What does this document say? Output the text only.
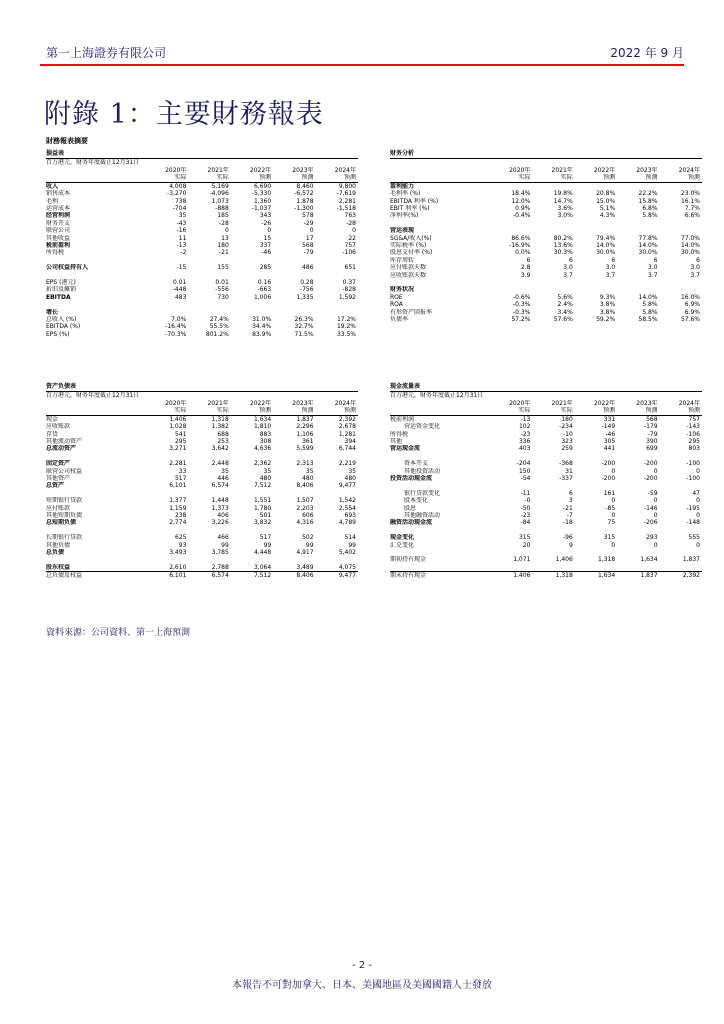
第一上海證券有限公司	2022 年 9 月
附錄 1：主要財務報表
財務報表摘要
損益表
百万港元，财务年度截止12月31日
	2020年	2021年	2022年	2023年	2024年
	实际	实际	预测	预测	预测
收入	4,008	5,169	6,690	8,460	9,800
销售成本	-3,270	-4,096	-5,330	-6,572	-7,619
毛利	738	1,073	1,360	1,878	2,281
运营成本	-704	-888	-1,037	-1,300	-1,518
经营利润	35	185	343	578	763
财务开支	-43	-28	-26	-29	-28
联营公司	-16	0	0	0	0
其他收益	11	13	15	17	22
税前盈利	-13	180	337	568	757
所得税	-2	-21	-46	-79	-106

公司权益持有人	-15	155	285	486	651

EPS (港元)	0.01	0.01	0.16	0.28	0.37
折旧及摊销	-448	-556	-663	-756	-828
EBITDA	483	730	1,006	1,335	1,592

增长					
总收入 (%)	7.0%	27.4%	31.0%	26.3%	17.2%
EBITDA (%)	-16.4%	55.5%	34.4%	32.7%	19.2%
EPS (%)	-70.3%	801.2%	83.9%	71.5%	33.5%
财务分析
	2020年	2021年	2022年	2023年	2024年
	实际	实际	预测	预测	预测
盈利能力					
毛利率 (%)	18.4%	19.8%	20.8%	22.2%	23.0%
EBITDA 利率 (%)	12.0%	14.7%	15.0%	15.8%	16.1%
EBIT 利率 (%)	0.9%	3.6%	5.1%	6.8%	7.7%
净利率(%)	-0.4%	3.0%	4.3%	5.8%	6.6%

营运表现					
SG&A/收入(%)	86.6%	80.2%	79.4%	77.8%	77.0%
实际税率 (%)	-16.9%	13.6%	14.0%	14.0%	14.0%
股息支付率 (%)	0.0%	30.3%	30.0%	30.0%	30.0%
库存周转	6	6	6	6	6
应付账款天数	2.8	3.0	3.0	3.0	3.0
应收账款天数	3.9	3.7	3.7	3.7	3.7

财务状况					
ROE	-0.6%	5.6%	9.3%	14.0%	16.0%
ROA	-0.3%	2.4%	3.8%	5.8%	6.9%
有形资产回报率	-0.3%	3.4%	3.8%	5.8%	6.9%
负债率	57.2%	57.6%	59.2%	58.5%	57.6%
资产负债表
百万港元，财务年度截止12月31日
	2020年	2021年	2022年	2023年	2024年
	实际	实际	预测	预测	预测
现金	1,406	1,318	1,634	1,837	2,392
应收账款	1,028	1,382	1,810	2,296	2,678
存货	541	688	883	1,106	1,281
其他流动资产	295	253	308	361	394
总流动资产	3,271	3,642	4,636	5,599	6,744

固定资产	2,281	2,448	2,362	2,313	2,219
联营公司权益	33	35	35	35	35
其他资产	517	446	480	480	480
总资产	6,101	6,574	7,512	8,406	9,477

短期银行贷款	1,377	1,448	1,551	1,507	1,542
应付账款	1,159	1,373	1,780	2,203	2,554
其他短期负债	238	406	501	606	693
总短期负债	2,774	3,226	3,832	4,316	4,789

长期银行贷款	625	466	517	502	514
其他负债	93	99	99	99	99
总负债	3,493	3,785	4,448	4,917	5,402

股东权益	2,610	2,788	3,064	3,489	4,075
总负债及权益	6,101	6,574	7,512	8,406	9,477
现金流量表
百万港元，财务年度截止12月31日
	2020年	2021年	2022年	2023年	2024年
	实际	实际	预测	预测	预测
税前利润	-13	180	331	568	757
营运资金变化	102	-234	-149	-179	-143
所得税	-23	-10	-46	-79	-106
其他	336	323	305	390	295
营运现金流	403	259	441	699	803

资本开支	-204	-368	-200	-200	-100
其他投资活动	150	31	0	0	0
投资活动现金流	-54	-337	-200	-200	-100

银行贷款变化	-11	6	161	-59	47
股本变化	-0	3	0	0	0
股息	-50	-21	-85	-146	-195
其他融资活动	-23	-7	0	0	0
融资活动现金流	-84	-18	75	-206	-148

现金变化	315	-96	315	293	555
汇兑变化	20	9	0	0	0

期初持有现金	1,071	1,406	1,318	1,634	1,837

期末持有现金	1,406	1,318	1,634	1,837	2,392
資料來源：公司資料、第一上海預測
- 2 -
本報告不可對加拿大、日本、美國地區及美國國籍人士發放
